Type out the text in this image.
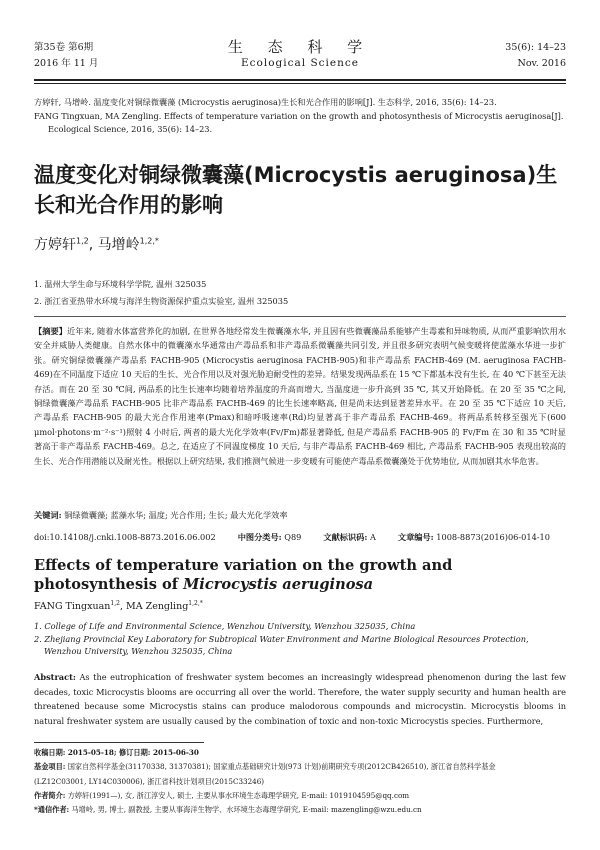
第35卷 第6期
2016 年 11 月
生 态 科 学
Ecological Science
35(6): 14–23
Nov. 2016

方婷轩, 马增岭. 温度变化对铜绿微囊藻 (Microcystis aeruginosa)生长和光合作用的影响[J]. 生态科学, 2016, 35(6): 14–23.

FANG Tingxuan, MA Zengling. Effects of temperature variation on the growth and photosynthesis of Microcystis aeruginosa[J].

Ecological Science, 2016, 35(6): 14–23.

温度变化对铜绿微囊藻(Microcystis aeruginosa)生长和光合作用的影响
方婷轩$^{1,2}$, 马增岭$^{1,2,*}$

1. 温州大学生命与环境科学学院, 温州 325035

2. 浙江省亚热带水环境与海洋生物资源保护重点实验室, 温州 325035

【摘要】近年来, 随着水体富营养化的加剧, 在世界各地经常发生微囊藻水华, 并且因有些微囊藻品系能够产生毒素和异味物质, 从而严重影响饮用水安全并威胁人类健康。自然水体中的微囊藻水华通常由产毒品系和非产毒品系微囊藻共同引发, 并且很多研究表明气候变暖将使蓝藻水华进一步扩张。研究铜绿微囊藻产毒品系 FACHB-905 (Microcystis aeruginosa FACHB-905)和非产毒品系 FACHB-469 (M. aeruginosa FACHB-469)在不同温度下适应 10 天后的生长、光合作用以及对强光胁迫耐受性的差异。结果发现两品系在 15 ℃下都基本没有生长, 在 40 ℃下甚至无法存活。而在 20 至 30 ℃间, 两品系的比生长速率均随着培养温度的升高而增大, 当温度进一步升高到 35 ℃, 其又开始降低。在 20 至 35 ℃之间, 铜绿微囊藻产毒品系 FACHB-905 比非产毒品系 FACHB-469 的比生长速率略高, 但是尚未达到显著差异水平。在 20 至 35 ℃下适应 10 天后, 产毒品系 FACHB-905 的最大光合作用速率(Pmax)和暗呼吸速率(Rd)均显著高于非产毒品系 FACHB-469。将两品系转移至强光下(600 μmol·photons·m⁻²·s⁻¹)照射 4 小时后, 两者的最大光化学效率(Fv/Fm)都显著降低, 但是产毒品系 FACHB-905 的 Fv/Fm 在 30 和 35 ℃时显著高于非产毒品系 FACHB-469。总之, 在适应了不同温度梯度 10 天后, 与非产毒品系 FACHB-469 相比, 产毒品系 FACHB-905 表现出较高的生长、光合作用潜能以及耐光性。根据以上研究结果, 我们推测气候进一步变暖有可能使产毒品系微囊藻处于优势地位, 从而加剧其水华危害。

关键词: 铜绿微囊藻; 蓝藻水华; 温度; 光合作用; 生长; 最大光化学效率

doi:10.14108/j.cnki.1008-8873.2016.06.002	中图分类号: Q89	文献标识码: A	文章编号: 1008-8873(2016)06-014-10
Effects of temperature variation on the growth and photosynthesis of Microcystis aeruginosa
FANG Tingxuan$^{1,2}$, MA Zengling$^{1,2,*}$

1. College of Life and Environmental Science, Wenzhou University, Wenzhou 325035, China

2. Zhejiang Provincial Key Laboratory for Subtropical Water Environment and Marine Biological Resources Protection,

Wenzhou University, Wenzhou 325035, China

Abstract: As the eutrophication of freshwater system becomes an increasingly widespread phenomenon during the last few decades, toxic Microcystis blooms are occurring all over the world. Therefore, the water supply security and human health are threatened because some Microcystis stains can produce malodorous compounds and microcystin. Microcystis blooms in natural freshwater system are usually caused by the combination of toxic and non-toxic Microcystis species. Furthermore,

收稿日期: 2015-05-18; 修订日期: 2015-06-30

基金项目: 国家自然科学基金(31170338, 31370381); 国家重点基础研究计划(973 计划)前期研究专项(2012CB426510), 浙江省自然科学基金

(LZ12C03001, LY14C030006), 浙江省科技计划项目(2015C33246)

作者简介: 方婷轩(1991—), 女, 浙江淳安人, 硕士, 主要从事水环境生态毒理学研究, E-mail: 1019104595@qq.com

*通信作者: 马增岭, 男, 博士, 副教授, 主要从事海洋生物学、水环境生态毒理学研究, E-mail: mazengling@wzu.edu.cn
